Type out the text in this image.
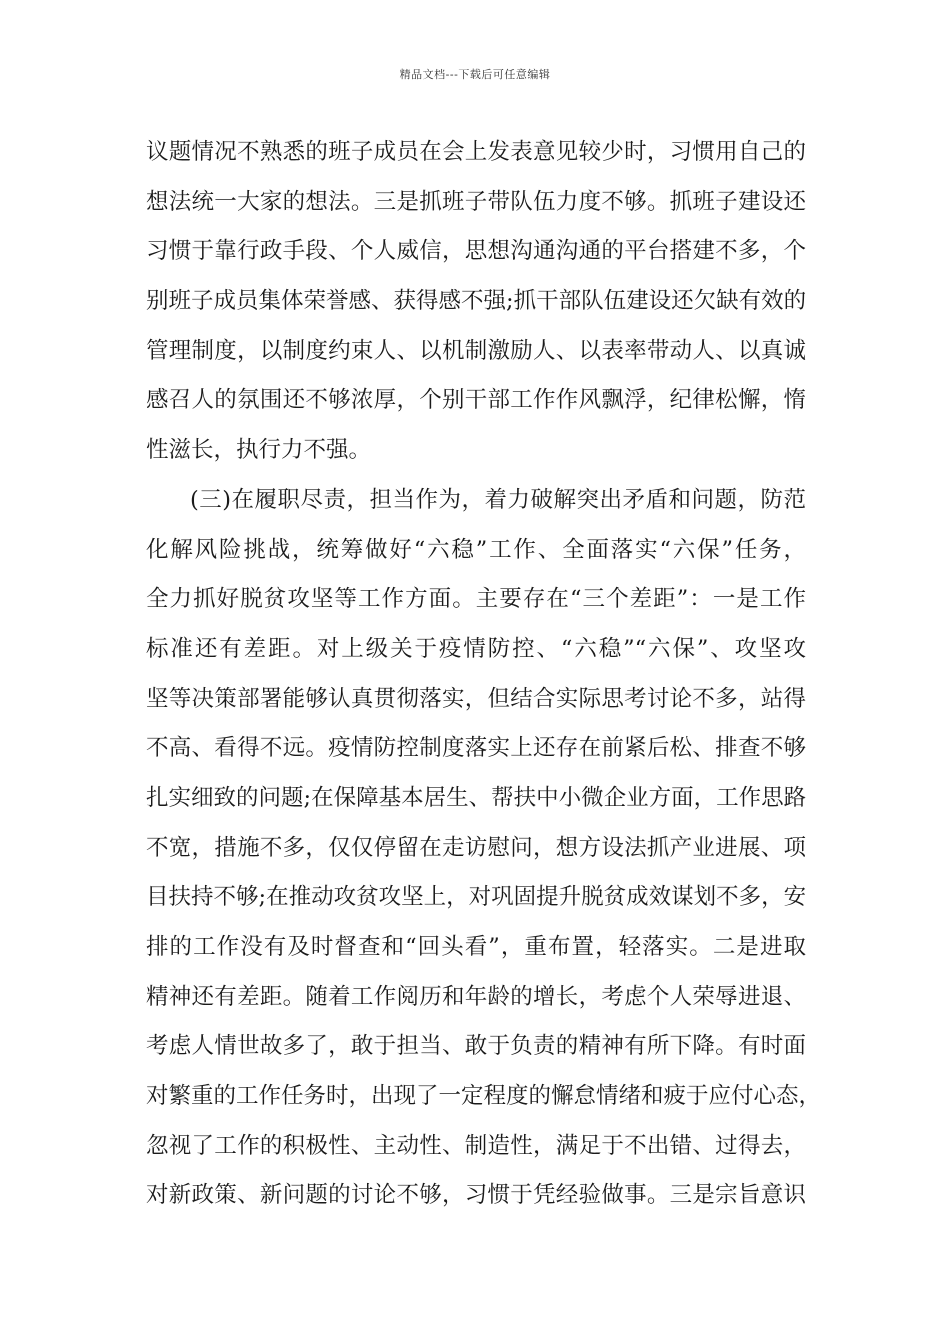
精品文档---下载后可任意编辑
议题情况不熟悉的班子成员在会上发表意见较少时，习惯用自己的
想法统一大家的想法。三是抓班子带队伍力度不够。抓班子建设还
习惯于靠行政手段、个人威信，思想沟通沟通的平台搭建不多，个
别班子成员集体荣誉感、获得感不强;抓干部队伍建设还欠缺有效的
管理制度，以制度约束人、以机制激励人、以表率带动人、以真诚
感召人的氛围还不够浓厚，个别干部工作作风飘浮，纪律松懈，惰
性滋长，执行力不强。
(三)在履职尽责，担当作为，着力破解突出矛盾和问题，防范
化解风险挑战，统筹做好“六稳”工作、全面落实“六保”任务，
全力抓好脱贫攻坚等工作方面。主要存在“三个差距”：一是工作
标准还有差距。对上级关于疫情防控、“六稳”“六保”、攻坚攻
坚等决策部署能够认真贯彻落实，但结合实际思考讨论不多，站得
不高、看得不远。疫情防控制度落实上还存在前紧后松、排查不够
扎实细致的问题;在保障基本居生、帮扶中小微企业方面，工作思路
不宽，措施不多，仅仅停留在走访慰问，想方设法抓产业进展、项
目扶持不够;在推动攻贫攻坚上，对巩固提升脱贫成效谋划不多，安
排的工作没有及时督查和“回头看”，重布置，轻落实。二是进取
精神还有差距。随着工作阅历和年龄的增长，考虑个人荣辱进退、
考虑人情世故多了，敢于担当、敢于负责的精神有所下降。有时面
对繁重的工作任务时，出现了一定程度的懈怠情绪和疲于应付心态，
忽视了工作的积极性、主动性、制造性，满足于不出错、过得去，
对新政策、新问题的讨论不够，习惯于凭经验做事。三是宗旨意识
